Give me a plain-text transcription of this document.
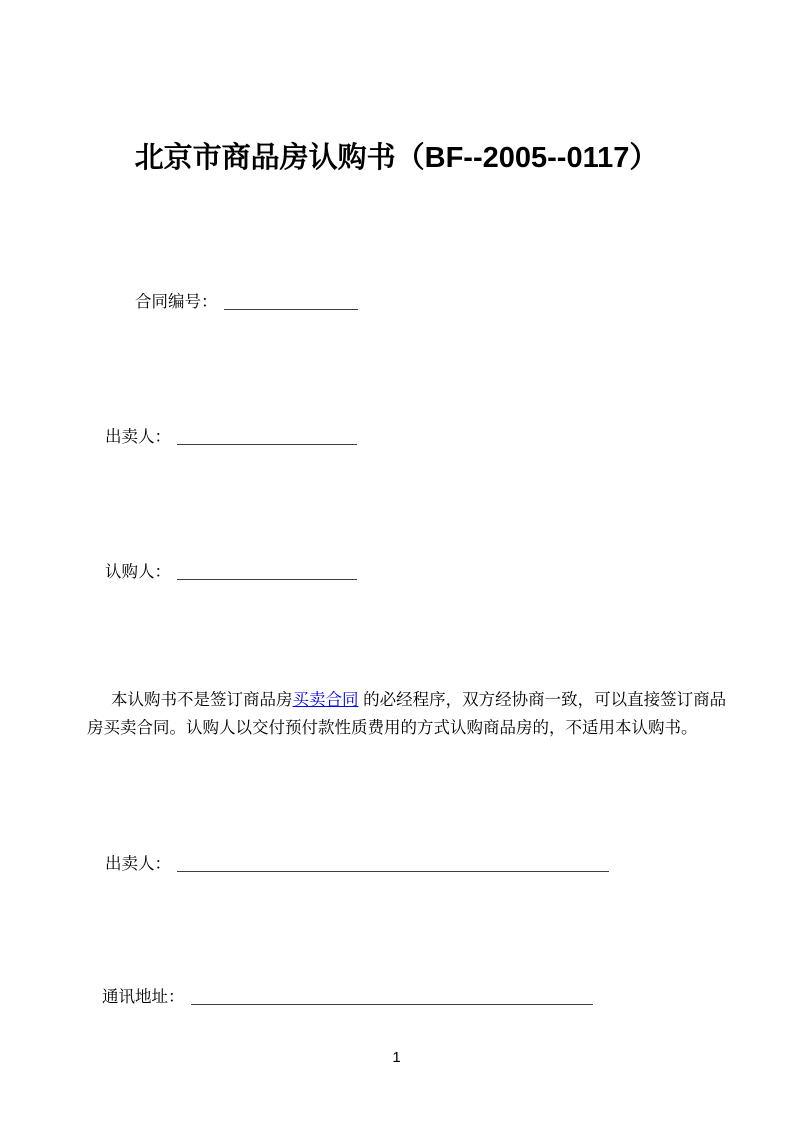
北京市商品房认购书（BF--2005--0117）
合同编号：
出卖人：
认购人：
本认购书不是签订商品房买卖合同 的必经程序，双方经协商一致，可以直接签订商品
房买卖合同。认购人以交付预付款性质费用的方式认购商品房的，不适用本认购书。
出卖人：
通讯地址：
1
